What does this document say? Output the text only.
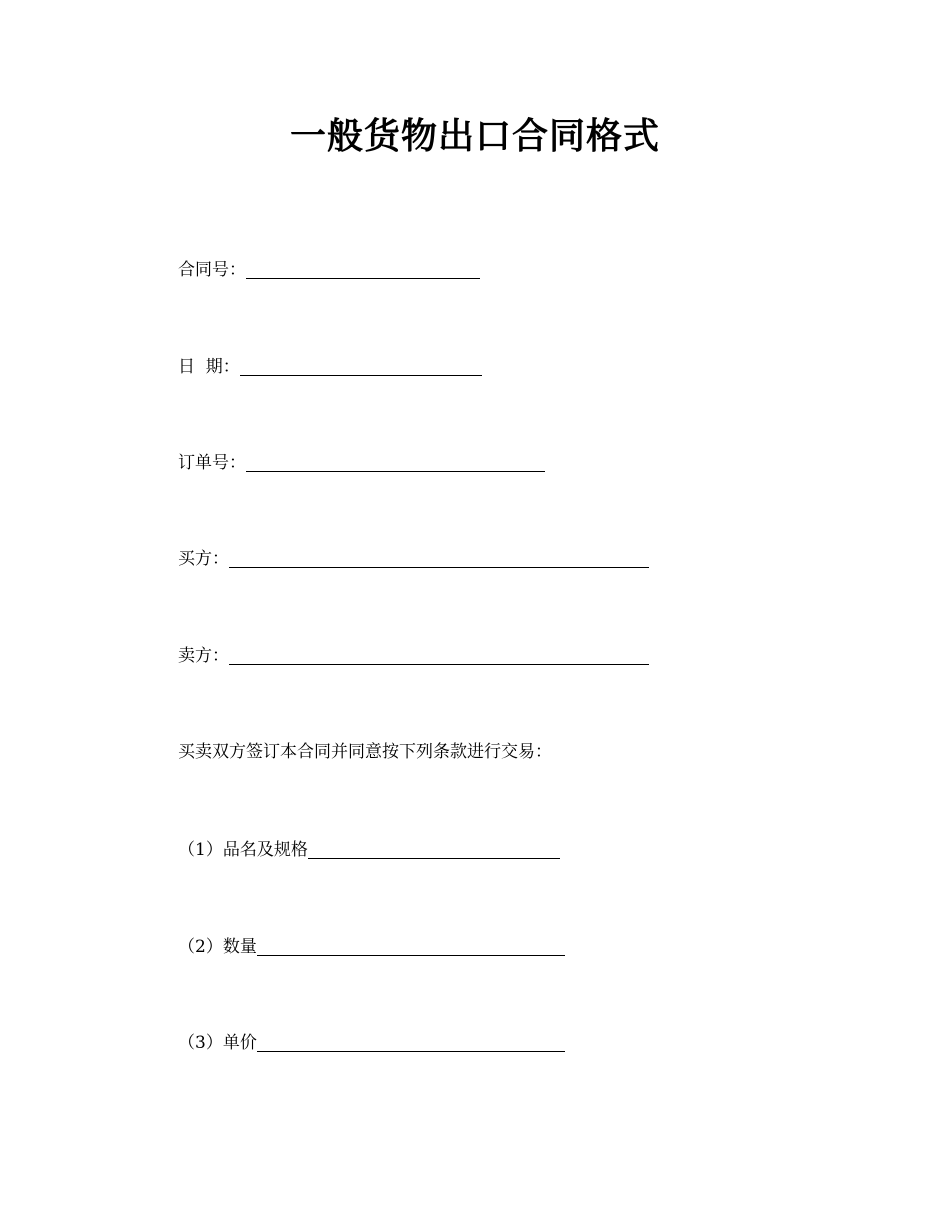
一般货物出口合同格式
合同号：
日  期：
订单号：
买方：
卖方：
买卖双方签订本合同并同意按下列条款进行交易：
（1）品名及规格
（2）数量
（3）单价
